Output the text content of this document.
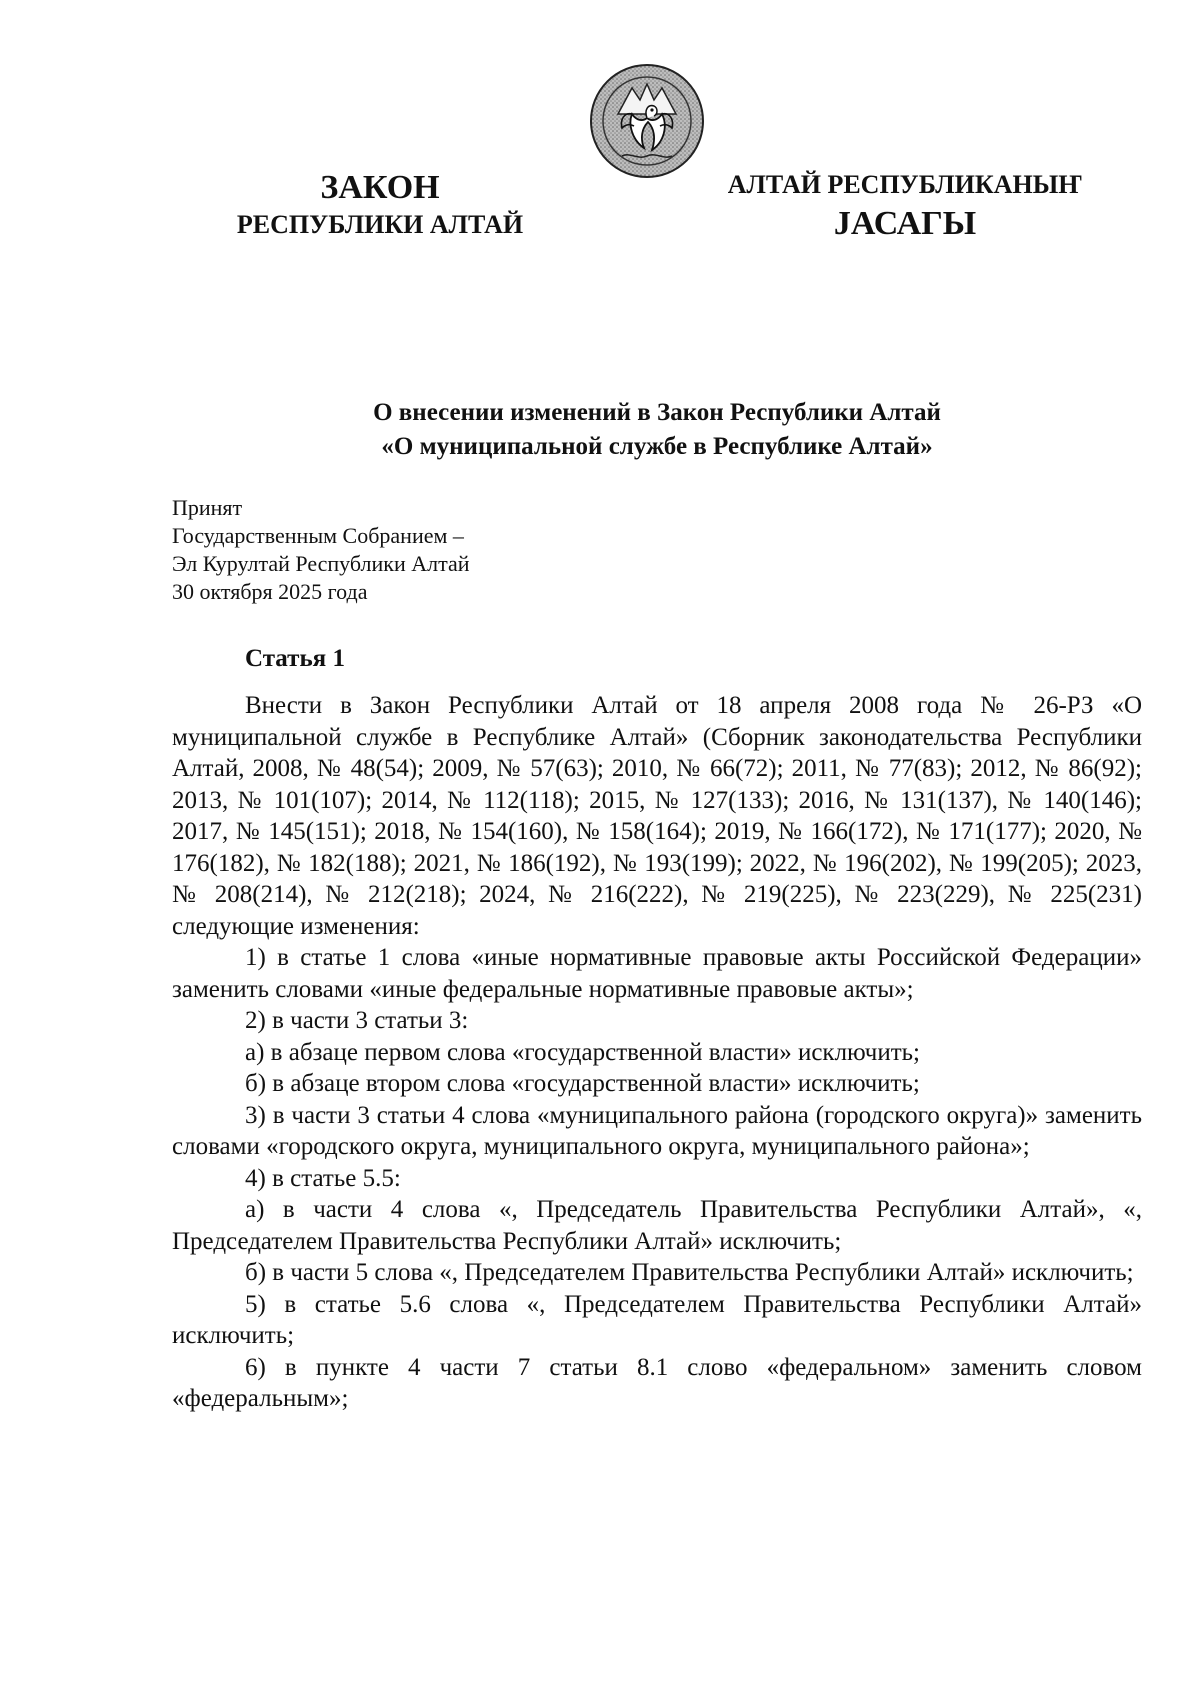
ЗАКОН
РЕСПУБЛИКИ АЛТАЙ
АЛТАЙ РЕСПУБЛИКАНЫҤ
ЈАСАГЫ
О внесении изменений в Закон Республики Алтай
«О муниципальной службе в Республике Алтай»
Принят
Государственным Собранием –
Эл Курултай Республики Алтай
30 октября 2025 года
Статья 1

Внести в Закон Республики Алтай от 18 апреля 2008 года № 26-РЗ «О муниципальной службе в Республике Алтай» (Сборник законодательства Республики Алтай, 2008, № 48(54); 2009, № 57(63); 2010, № 66(72); 2011, № 77(83); 2012, № 86(92); 2013, № 101(107); 2014, № 112(118); 2015, № 127(133); 2016, № 131(137), № 140(146); 2017, № 145(151); 2018, № 154(160), № 158(164); 2019, № 166(172), № 171(177); 2020, № 176(182), № 182(188); 2021, № 186(192), № 193(199); 2022, № 196(202), № 199(205); 2023, № 208(214), № 212(218); 2024, № 216(222), № 219(225), № 223(229), № 225(231) следующие изменения:

1) в статье 1 слова «иные нормативные правовые акты Российской Федерации» заменить словами «иные федеральные нормативные правовые акты»;

2) в части 3 статьи 3:

а) в абзаце первом слова «государственной власти» исключить;

б) в абзаце втором слова «государственной власти» исключить;

3) в части 3 статьи 4 слова «муниципального района (городского округа)» заменить словами «городского округа, муниципального округа, муниципального района»;

4) в статье 5.5:

а) в части 4 слова «, Председатель Правительства Республики Алтай», «, Председателем Правительства Республики Алтай» исключить;

б) в части 5 слова «, Председателем Правительства Республики Алтай» исключить;

5) в статье 5.6 слова «, Председателем Правительства Республики Алтай» исключить;

6) в пункте 4 части 7 статьи 8.1 слово «федеральном» заменить словом «федеральным»;
